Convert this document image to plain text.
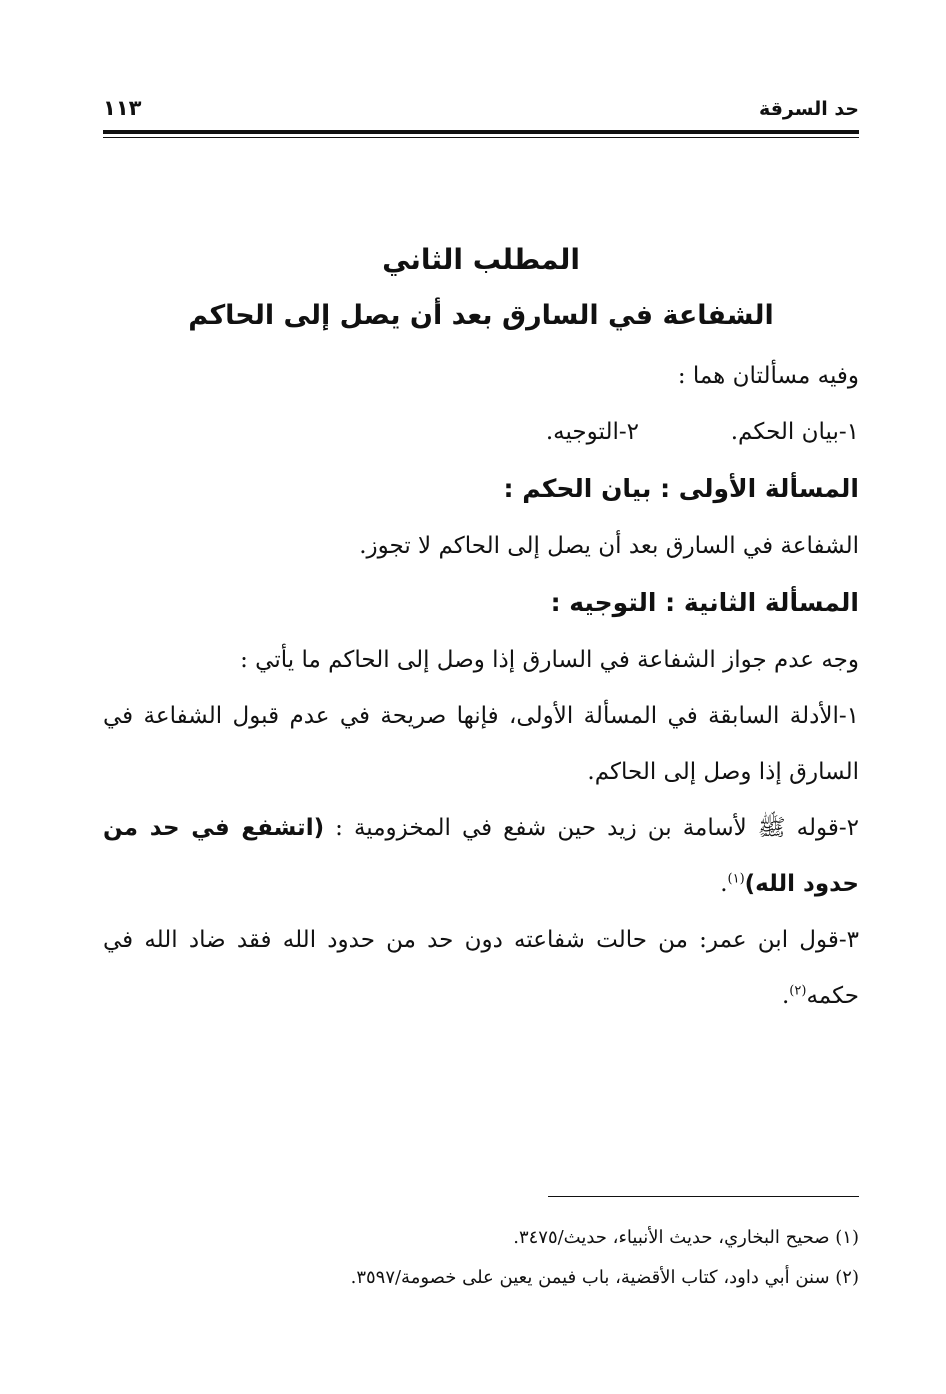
حد السرقة
١١٣

المطلب الثاني

الشفاعة في السارق بعد أن يصل إلى الحاكم

وفيه مسألتان هما :

١-بيان الحكم.
٢-التوجيه.

المسألة الأولى : بيان الحكم :

الشفاعة في السارق بعد أن يصل إلى الحاكم لا تجوز.

المسألة الثانية : التوجيه :

وجه عدم جواز الشفاعة في السارق إذا وصل إلى الحاكم ما يأتي :

١-الأدلة السابقة في المسألة الأولى، فإنها صريحة في عدم قبول الشفاعة في السارق إذا وصل إلى الحاكم.

٢-قوله ﷺ لأسامة بن زيد حين شفع في المخزومية : (اتشفع في حد من حدود الله)$^{(١)}$.

٣-قول ابن عمر: من حالت شفاعته دون حد من حدود الله فقد ضاد الله في حكمه$^{(٢)}$.

(١) صحيح البخاري، حديث الأنبياء، حديث/٣٤٧٥.

(٢) سنن أبي داود، كتاب الأقضية، باب فيمن يعين على خصومة/٣٥٩٧.
